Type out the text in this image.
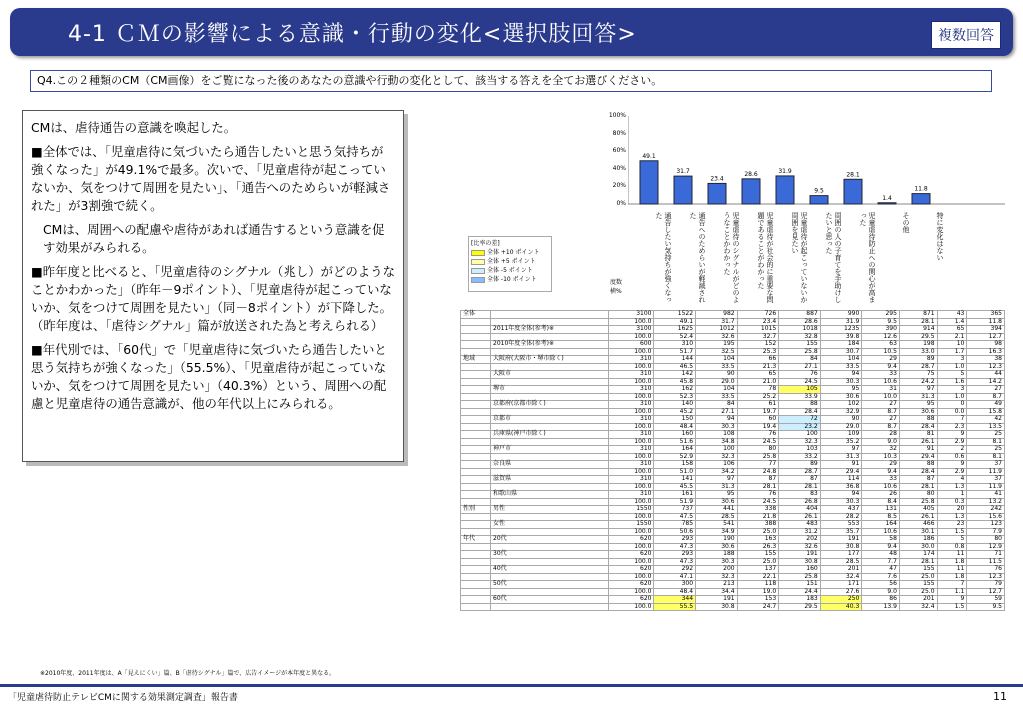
4-1 ＣＭの影響による意識・行動の変化<選択肢回答>	複数回答
Q4.この２種類のCM（CM画像）をご覧になった後のあなたの意識や行動の変化として、該当する答えを全てお選びください。

CMは、虐待通告の意識を喚起した。

■全体では、「児童虐待に気づいたら通告したいと思う気持ちが強くなった」が49.1%で最多。次いで、「児童虐待が起こっていないか、気をつけて周囲を見たい」、「通告へのためらいが軽減された」が3割強で続く。

CMは、周囲への配慮や虐待があれば通告するという意識を促す効果がみられる。

■昨年度と比べると、「児童虐待のシグナル（兆し）がどのようなことかわかった」（昨年－9ポイント）、「児童虐待が起こっていないか、気をつけて周囲を見たい」（同－8ポイント）が下降した。（昨年度は、「虐待シグナル」篇が放送された為と考えられる）

■年代別では、「60代」で「児童虐待に気づいたら通告したいと思う気持ちが強くなった」（55.5%）、「児童虐待が起こっていないか、気をつけて周囲を見たい」（40.3%）という、周囲への配慮と児童虐待の通告意識が、他の年代以上にみられる。

100%
80%
60%
40%
20%
0%
49.1
31.7
23.4
28.6	31.9
9.5
28.1
1.4
11.8
[比率の差]
全体 +10 ポイント
全体 +5 ポイント
全体 -5 ポイント
全体 -10 ポイント	通告したい気持ちが強くなった	通告へのためらいが軽減された	児童虐待のシグナルがどのようなことかわかった	児童虐待が社会的に重要な問題であることがわかった	児童虐待が起こっていないか周囲を見たい	周囲の人の子育てを手助けしたいと思った	児童虐待防止への関心が高まった	その他	特に変化はない
度数
横%
全体		3100	1522	982	726	887	990	295	871	43	365
		100.0	49.1	31.7	23.4	28.6	31.9	9.5	28.1	1.4	11.8
	2011年度全体(参考)※	3100	1625	1012	1015	1018	1235	390	914	65	394
		100.0	52.4	32.6	32.7	32.8	39.8	12.6	29.5	2.1	12.7
	2010年度全体(参考)※	600	310	195	152	155	184	63	198	10	98
		100.0	51.7	32.5	25.3	25.8	30.7	10.5	33.0	1.7	16.3
地域	大阪府(大阪市・堺市除く)	310	144	104	66	84	104	29	89	3	38
		100.0	46.5	33.5	21.3	27.1	33.5	9.4	28.7	1.0	12.3
	大阪市	310	142	90	65	76	94	33	75	5	44
		100.0	45.8	29.0	21.0	24.5	30.3	10.6	24.2	1.6	14.2
	堺市	310	162	104	78	105	95	31	97	3	27
		100.0	52.3	33.5	25.2	33.9	30.6	10.0	31.3	1.0	8.7
	京都府(京都市除く)	310	140	84	61	88	102	27	95	0	49
		100.0	45.2	27.1	19.7	28.4	32.9	8.7	30.6	0.0	15.8
	京都市	310	150	94	60	72	90	27	88	7	42
		100.0	48.4	30.3	19.4	23.2	29.0	8.7	28.4	2.3	13.5
	兵庫県(神戸市除く)	310	160	108	76	100	109	28	81	9	25
		100.0	51.6	34.8	24.5	32.3	35.2	9.0	26.1	2.9	8.1
	神戸市	310	164	100	80	103	97	32	91	2	25
		100.0	52.9	32.3	25.8	33.2	31.3	10.3	29.4	0.6	8.1
	奈良県	310	158	106	77	89	91	29	88	9	37
		100.0	51.0	34.2	24.8	28.7	29.4	9.4	28.4	2.9	11.9
	滋賀県	310	141	97	87	87	114	33	87	4	37
		100.0	45.5	31.3	28.1	28.1	36.8	10.6	28.1	1.3	11.9
	和歌山県	310	161	95	76	83	94	26	80	1	41
		100.0	51.9	30.6	24.5	26.8	30.3	8.4	25.8	0.3	13.2
性別	男性	1550	737	441	338	404	437	131	405	20	242
		100.0	47.5	28.5	21.8	26.1	28.2	8.5	26.1	1.3	15.6
	女性	1550	785	541	388	483	553	164	466	23	123
		100.0	50.6	34.9	25.0	31.2	35.7	10.6	30.1	1.5	7.9
年代	20代	620	293	190	163	202	191	58	186	5	80
		100.0	47.3	30.6	26.3	32.6	30.8	9.4	30.0	0.8	12.9
	30代	620	293	188	155	191	177	48	174	11	71
		100.0	47.3	30.3	25.0	30.8	28.5	7.7	28.1	1.8	11.5
	40代	620	292	200	137	160	201	47	155	11	76
		100.0	47.1	32.3	22.1	25.8	32.4	7.6	25.0	1.8	12.3
	50代	620	300	213	118	151	171	56	155	7	79
		100.0	48.4	34.4	19.0	24.4	27.6	9.0	25.0	1.1	12.7
	60代	620	344	191	153	183	250	86	201	9	59
		100.0	55.5	30.8	24.7	29.5	40.3	13.9	32.4	1.5	9.5
※2010年度、2011年度は、A「見えにくい」篇、B「虐待シグナル」篇で、広告イメージが本年度と異なる。
「児童虐待防止テレビCMに関する効果測定調査」報告書	11
